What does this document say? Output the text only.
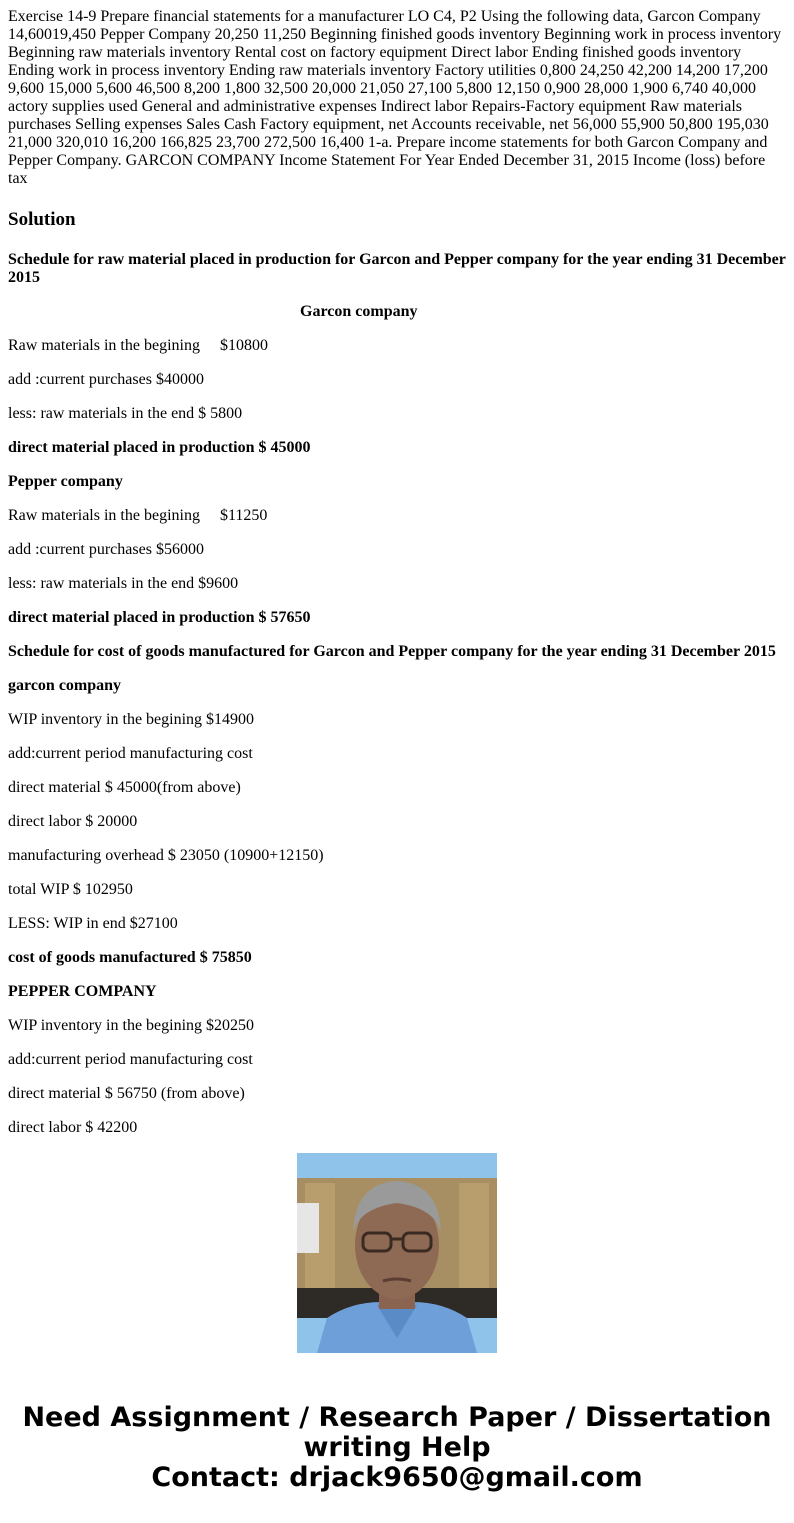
Exercise 14-9 Prepare financial statements for a manufacturer LO C4, P2 Using the following data, Garcon Company 14,60019,450 Pepper Company 20,250 11,250 Beginning finished goods inventory Beginning work in process inventory Beginning raw materials inventory Rental cost on factory equipment Direct labor Ending finished goods inventory Ending work in process inventory Ending raw materials inventory Factory utilities 0,800 24,250 42,200 14,200 17,200 9,600 15,000 5,600 46,500 8,200 1,800 32,500 20,000 21,050 27,100 5,800 12,150 0,900 28,000 1,900 6,740 40,000 actory supplies used General and administrative expenses Indirect labor Repairs-Factory equipment Raw materials purchases Selling expenses Sales Cash Factory equipment, net Accounts receivable, net 56,000 55,900 50,800 195,030 21,000 320,010 16,200 166,825 23,700 272,500 16,400 1-a. Prepare income statements for both Garcon Company and Pepper Company. GARCON COMPANY Income Statement For Year Ended December 31, 2015 Income (loss) before tax
Solution

Schedule for raw material placed in production for Garcon and Pepper company for the year ending 31 December 2015

Garcon company

Raw materials in the begining $10800

add :current purchases $40000

less: raw materials in the end $ 5800

direct material placed in production $ 45000

Pepper company

Raw materials in the begining $11250

add :current purchases $56000

less: raw materials in the end $9600

direct material placed in production $ 57650

Schedule for cost of goods manufactured for Garcon and Pepper company for the year ending 31 December 2015

garcon company

WIP inventory in the begining $14900

add:current period manufacturing cost

direct material $ 45000(from above)

direct labor $ 20000

manufacturing overhead $ 23050 (10900+12150)

total WIP $ 102950

LESS: WIP in end $27100

cost of goods manufactured $ 75850

PEPPER COMPANY

WIP inventory in the begining $20250

add:current period manufacturing cost

direct material $ 56750 (from above)

direct labor $ 42200

Need Assignment / Research Paper / Dissertation
writing Help
Contact: drjack9650@gmail.com
